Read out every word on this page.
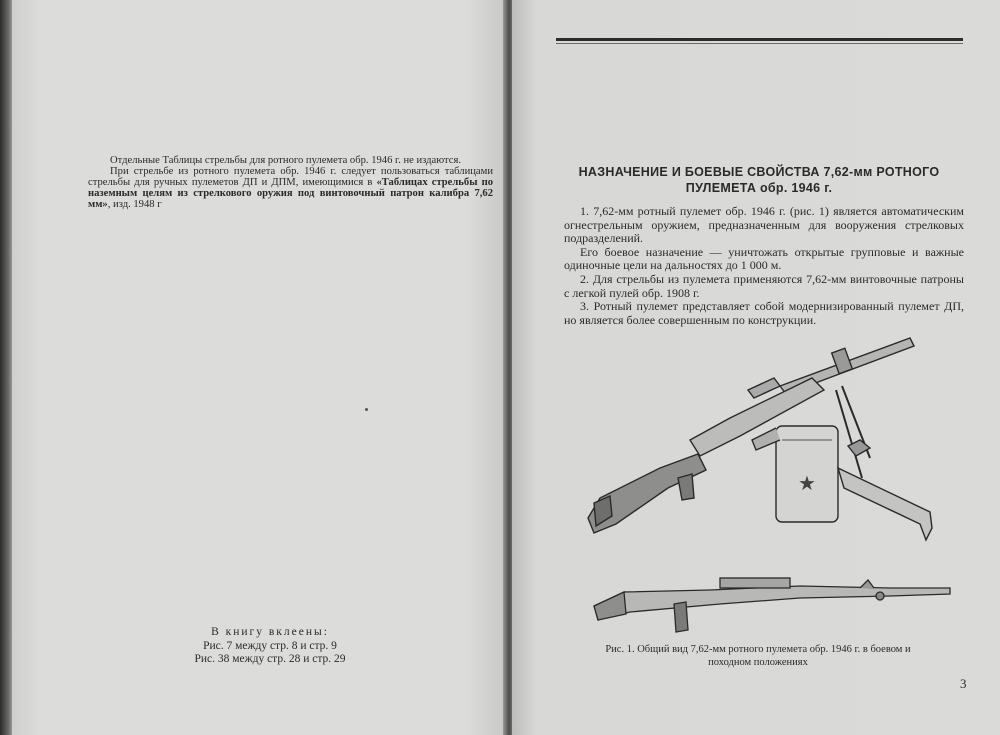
Отдельные Таблицы стрельбы для ротного пулемета обр. 1946 г. не издаются.

При стрельбе из ротного пулемета обр. 1946 г. следует пользоваться таблицами стрельбы для ручных пулеметов ДП и ДПМ, имеющимися в «Таблицах стрельбы по наземным целям из стрелкового оружия под винтовочный патрон калибра 7,62 мм», изд. 1948 г

В книгу вклеены:
Рис. 7 между стр. 8 и стр. 9
Рис. 38 между стр. 28 и стр. 29
НАЗНАЧЕНИЕ И БОЕВЫЕ СВОЙСТВА 7,62-мм РОТНОГО
ПУЛЕМЕТА обр. 1946 г.

1. 7,62-мм ротный пулемет обр. 1946 г. (рис. 1) является автоматическим огнестрельным оружием, предназначенным для вооружения стрелковых подразделений.

Его боевое назначение — уничтожать открытые групповые и важные одиночные цели на дальностях до 1 000 м.

2. Для стрельбы из пулемета применяются 7,62-мм винтовочные патроны с легкой пулей обр. 1908 г.

3. Ротный пулемет представляет собой модернизированный пулемет ДП, но является более совершенным по конструкции.

★
Рис. 1. Общий вид 7,62-мм ротного пулемета обр. 1946 г. в боевом и походном положениях
3
